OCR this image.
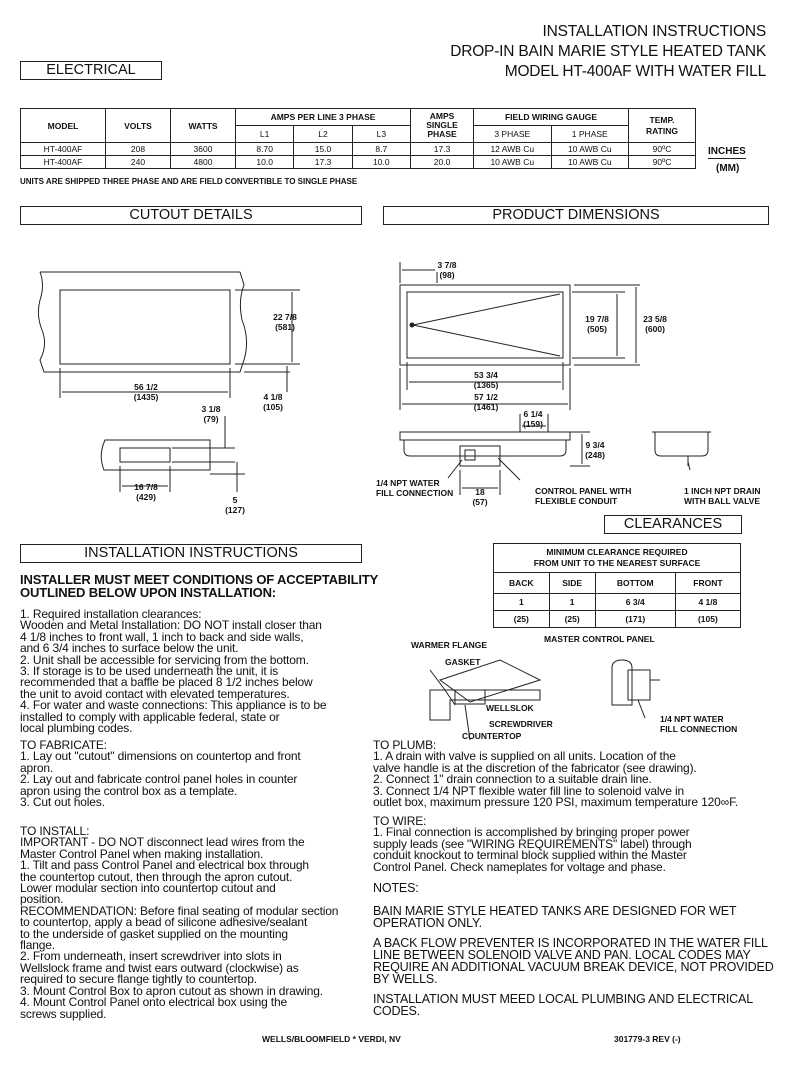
INSTALLATION INSTRUCTIONS
DROP-IN BAIN MARIE STYLE HEATED TANK
MODEL HT-400AF WITH WATER FILL
ELECTRICAL
MODEL	VOLTS	WATTS	AMPS PER LINE 3 PHASE			AMPS
SINGLE
PHASE	FIELD WIRING GAUGE		TEMP.
RATING
			L1	L2	L3		3 PHASE	1 PHASE	
HT-400AF	208	3600	8.70	15.0	8.7	17.3	12 AWB Cu	10 AWB Cu	90ºC
HT-400AF	240	4800	10.0	17.3	10.0	20.0	10 AWB Cu	10 AWB Cu	90ºC
UNITS ARE SHIPPED THREE PHASE AND ARE FIELD CONVERTIBLE TO SINGLE PHASE
INCHES
(MM)
CUTOUT DETAILS	PRODUCT DIMENSIONS
22 7/8
(581)
56 1/2
(1435)	4 1/8
(105)
3 1/8
(79)
16 7/8
(429)	5
(127)
3 7/8
(98)
19 7/8
(505)
23 5/8
(600)
53 3/4
(1365)
57 1/2
(1461)
6 1/4
(159)
9 3/4
(248)
18
(57)
1/4 NPT WATER
FILL CONNECTION	CONTROL PANEL WITH
FLEXIBLE CONDUIT
1 INCH NPT DRAIN
WITH BALL VALVE
CLEARANCES
MINIMUM CLEARANCE REQUIRED
FROM UNIT TO THE NEAREST SURFACE			
BACK	SIDE	BOTTOM	FRONT
1	1	6 3/4	4 1/8
(25)	(25)	(171)	(105)
WARMER FLANGE
GASKET
WELLSLOK
SCREWDRIVER
COUNTERTOP
MASTER CONTROL PANEL
1/4 NPT WATER
FILL CONNECTION
INSTALLATION INSTRUCTIONS
INSTALLER MUST MEET CONDITIONS OF ACCEPTABILITY
OUTLINED BELOW UPON INSTALLATION:
1. Required installation clearances:
Wooden and Metal Installation: DO NOT install closer than
4 1/8 inches to front wall, 1 inch to back and side walls,
and 6 3/4 inches to surface below the unit.
2. Unit shall be accessible for servicing from the bottom.
3. If storage is to be used underneath the unit, it is
recommended that a baffle be placed 8 1/2 inches below
the unit to avoid contact with elevated temperatures.
4. For water and waste connections: This appliance is to be
installed to comply with applicable federal, state or
local plumbing codes.
TO FABRICATE:
1. Lay out "cutout" dimensions on countertop and front
apron.
2. Lay out and fabricate control panel holes in counter
apron using the control box as a template.
3. Cut out holes.
TO INSTALL:
IMPORTANT - DO NOT disconnect lead wires from the
Master Control Panel when making installation.
1. Tilt and pass Control Panel and electrical box through
the countertop cutout, then through the apron cutout.
Lower modular section into countertop cutout and
position.
RECOMMENDATION: Before final seating of modular section
to countertop, apply a bead of silicone adhesive/sealant
to the underside of gasket supplied on the mounting
flange.
2. From underneath, insert screwdriver into slots in
Wellslock frame and twist ears outward (clockwise) as
required to secure flange tightly to countertop.
3. Mount Control Box to apron cutout as shown in drawing.
4. Mount Control Panel onto electrical box using the
screws supplied.
TO PLUMB:
1. A drain with valve is supplied on all units. Location of the
valve handle is at the discretion of the fabricator (see drawing).
2. Connect 1" drain connection to a suitable drain line.
3. Connect 1/4 NPT flexible water fill line to solenoid valve in
outlet box, maximum pressure 120 PSI, maximum temperature 120∞F.
TO WIRE:
1. Final connection is accomplished by bringing proper power
supply leads (see "WIRING REQUIREMENTS" label) through
conduit knockout to terminal block supplied within the Master
Control Panel. Check nameplates for voltage and phase.
NOTES:
BAIN MARIE STYLE HEATED TANKS ARE DESIGNED FOR WET
OPERATION ONLY.
A BACK FLOW PREVENTER IS INCORPORATED IN THE WATER FILL
LINE BETWEEN SOLENOID VALVE AND PAN. LOCAL CODES MAY
REQUIRE AN ADDITIONAL VACUUM BREAK DEVICE, NOT PROVIDED
BY WELLS.
INSTALLATION MUST MEED LOCAL PLUMBING AND ELECTRICAL
CODES.
WELLS/BLOOMFIELD * VERDI, NV	301779-3 REV (-)
